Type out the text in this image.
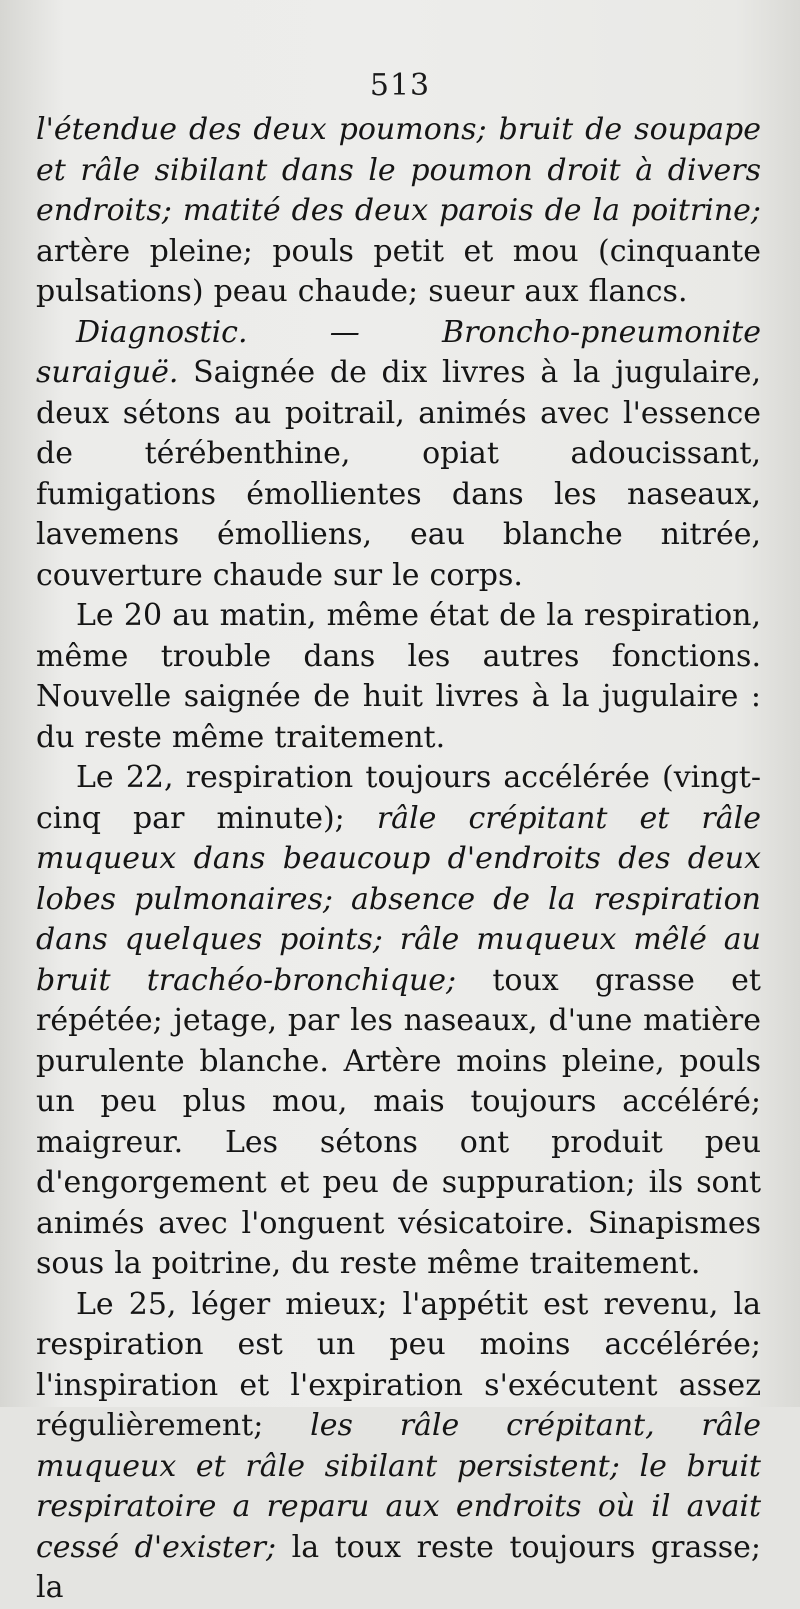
513

l'étendue des deux poumons; bruit de soupape et râle sibilant dans le poumon droit à divers endroits; matité des deux parois de la poitrine; artère pleine; pouls petit et mou (cinquante pulsations) peau chaude; sueur aux flancs.

Diagnostic. — Broncho-pneumonite suraiguë. Saignée de dix livres à la jugulaire, deux sétons au poitrail, animés avec l'essence de térébenthine, opiat adoucissant, fumigations émollientes dans les naseaux, lavemens émolliens, eau blanche nitrée, couverture chaude sur le corps.

Le 20 au matin, même état de la respiration, même trouble dans les autres fonctions. Nouvelle saignée de huit livres à la jugulaire : du reste même traitement.

Le 22, respiration toujours accélérée (vingt-cinq par minute); râle crépitant et râle muqueux dans beaucoup d'endroits des deux lobes pulmonaires; absence de la respiration dans quelques points; râle muqueux mêlé au bruit trachéo-bronchique; toux grasse et répétée; jetage, par les naseaux, d'une matière purulente blanche. Artère moins pleine, pouls un peu plus mou, mais toujours accéléré; maigreur. Les sétons ont produit peu d'engorgement et peu de suppuration; ils sont animés avec l'onguent vésicatoire. Sinapismes sous la poitrine, du reste même traitement.

Le 25, léger mieux; l'appétit est revenu, la respiration est un peu moins accélérée; l'inspiration et l'expiration s'exécutent assez régulièrement; les râle crépitant, râle muqueux et râle sibilant persistent; le bruit respiratoire a reparu aux endroits où il avait cessé d'exister; la toux reste toujours grasse; la
